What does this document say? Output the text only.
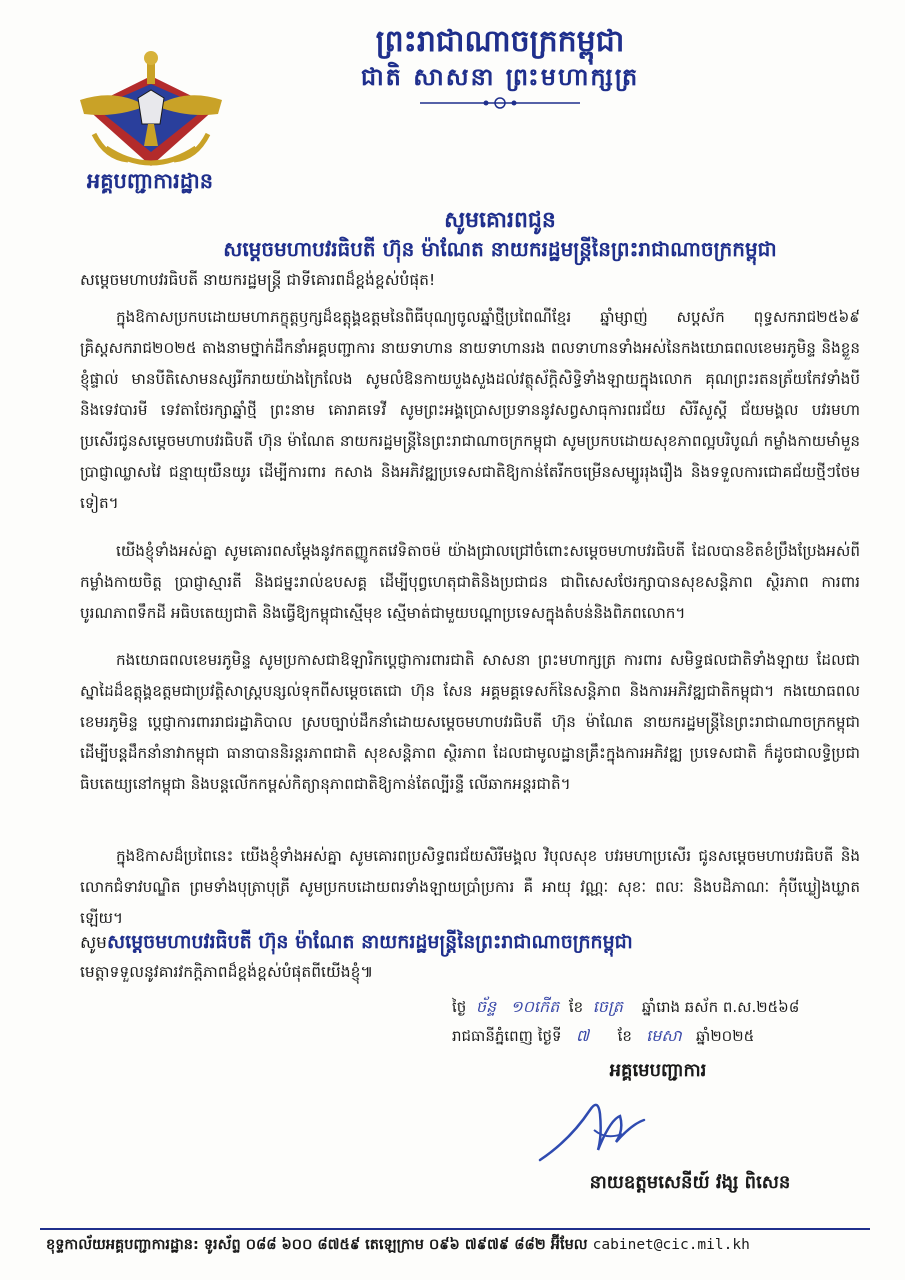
ព្រះរាជាណាចក្រកម្ពុជា
ជាតិ សាសនា ព្រះមហាក្សត្រ
អគ្គបញ្ជាការដ្ឋាន
សូមគោរពជូន
សម្តេចមហាបវរធិបតី ហ៊ុន ម៉ាណែត នាយករដ្ឋមន្ត្រីនៃព្រះរាជាណាចក្រកម្ពុជា
សម្តេចមហាបវរធិបតី នាយករដ្ឋមន្ត្រី ជាទីគោរពដ៏ខ្ពង់ខ្ពស់បំផុត!
ក្នុងឱកាសប្រកបដោយមហាភក្ខុត្តឫក្សដ៏ឧត្តុង្គឧត្តមនៃពិធីបុណ្យចូលឆ្នាំថ្មីប្រពៃណីខ្មែរ ឆ្នាំម្សាញ់ សប្តស័ក ពុទ្ធសករាជ២៥៦៩ គ្រិស្តសករាជ២០២៥ តាងនាមថ្នាក់ដឹកនាំអគ្គបញ្ជាការ នាយទាហាន នាយទាហានរង ពលទាហានទាំងអស់នៃកងយោធពលខេមរភូមិន្ទ និងខ្លួនខ្ញុំផ្ទាល់ មានបីតិសោមនស្សរីករាយយ៉ាងក្រៃលែង សូមលំឱនកាយបួងសួងដល់វត្ថុស័ក្តិសិទ្ធិទាំងឡាយក្នុងលោក គុណព្រះរតនត្រ័យកែវទាំងបី និងទេវបារមី ទេវតាថែរក្សាឆ្នាំថ្មី ព្រះនាម គោរាគទេវី សូមព្រះអង្គប្រោសប្រទាននូវសព្វសាធុការពរជ័យ សិរីសួស្តី ជ័យមង្គល បវរមហាប្រសើរជូនសម្តេចមហាបវរធិបតី ហ៊ុន ម៉ាណែត នាយករដ្ឋមន្ត្រីនៃព្រះរាជាណាចក្រកម្ពុជា សូមប្រកបដោយសុខភាពល្អបរិបូណ៌ កម្លាំងកាយមាំមួន ប្រាជ្ញាឈ្លាសវៃ ជន្មាយុយឺនយូរ ដើម្បីការពារ កសាង និងអភិវឌ្ឍប្រទេសជាតិឱ្យកាន់តែរីកចម្រើនសម្បូររុងរឿង និងទទួលការជោគជ័យថ្មីៗថែមទៀត។
យើងខ្ញុំទាំងអស់គ្នា សូមគោរពសម្តែងនូវកតញ្ញូកតវេទិតាចម៉ យ៉ាងជ្រាលជ្រៅចំពោះសម្តេចមហាបវរធិបតី ដែលបានខិតខំប្រឹងប្រែងអស់ពីកម្លាំងកាយចិត្ត ប្រាជ្ញាស្មារតី និងជម្នះរាល់ឧបសគ្គ ដើម្បីបុព្វហេតុជាតិនិងប្រជាជន ជាពិសេសថែរក្សាបានសុខសន្តិភាព ស្ថិរភាព ការពារបូរណភាពទឹកដី អធិបតេយ្យជាតិ និងធ្វើឱ្យកម្ពុជាស្មើមុខ ស្មើមាត់ជាមួយបណ្តាប្រទេសក្នុងតំបន់និងពិភពលោក។
កងយោធពលខេមរភូមិន្ទ សូមប្រកាសជាឱឡារិកប្តេជ្ញាការពារជាតិ សាសនា ព្រះមហាក្សត្រ ការពារ សមិទ្ធផលជាតិទាំងឡាយ ដែលជាស្នាដៃដ៏ឧត្តុង្គឧត្តមជាប្រវត្តិសាស្ត្របន្សល់ទុកពីសម្តេចតេជោ ហ៊ុន សែន អគ្គមគ្គទេសក៍នៃសន្តិភាព និងការអភិវឌ្ឍជាតិកម្ពុជា។ កងយោធពលខេមរភូមិន្ទ ប្តេជ្ញាការពាររាជរដ្ឋាភិបាល ស្របច្បាប់ដឹកនាំដោយសម្តេចមហាបវរធិបតី ហ៊ុន ម៉ាណែត នាយករដ្ឋមន្ត្រីនៃព្រះរាជាណាចក្រកម្ពុជា ដើម្បីបន្តដឹកនាំនាវាកម្ពុជា ធានាបាននិរន្តរភាពជាតិ សុខសន្តិភាព ស្ថិរភាព ដែលជាមូលដ្ឋានគ្រឹះក្នុងការអភិវឌ្ឍ ប្រទេសជាតិ ក៏ដូចជាលទ្ធិប្រជាធិបតេយ្យនៅកម្ពុជា និងបន្តលើកកម្ពស់កិត្យានុភាពជាតិឱ្យកាន់តែល្បីរន្ទឺ លើឆាកអន្តរជាតិ។
ក្នុងឱកាសដ៏ប្រពៃនេះ យើងខ្ញុំទាំងអស់គ្នា សូមគោរពប្រសិទ្ធពរជ័យសិរីមង្គល វិបុលសុខ បវរមហាប្រសើរ ជូនសម្តេចមហាបវរធិបតី និងលោកជំទាវបណ្ឌិត ព្រមទាំងបុត្រាបុត្រី សូមប្រកបដោយពរទាំងឡាយប្រាំប្រការ គឺ អាយុ វណ្ណៈ សុខៈ ពលៈ និងបដិភាណៈ កុំបីឃ្លៀងឃ្លាតឡើយ។
សូមសម្តេចមហាបវរធិបតី ហ៊ុន ម៉ាណែត នាយករដ្ឋមន្ត្រីនៃព្រះរាជាណាចក្រកម្ពុជា
មេត្តាទទួលនូវគារវកក្តិភាពដ៏ខ្ពង់ខ្ពស់បំផុតពីយើងខ្ញុំ៕
ថ្ងៃ ច័ន្ទ ១០កើត ខែ ចេត្រ ឆ្នាំរោង ឆស័ក ព.ស.២៥៦៨
រាជធានីភ្នំពេញ ថ្ងៃទី ៧ ខែ មេសា ឆ្នាំ២០២៥
អគ្គមេបញ្ជាការ
នាយឧត្តមសេនីយ៍ វង្ស ពិសេន
ខុទ្ទកាល័យអគ្គបញ្ជាការដ្ឋាន: ទូរស័ព្ទ ០៨៨ ៦០០ ៨៧៥៩ តេឡេក្រាម ០៩៦ ៧៩៧៩ ៨៨២ អ៊ីមែល cabinet@cic.mil.kh
